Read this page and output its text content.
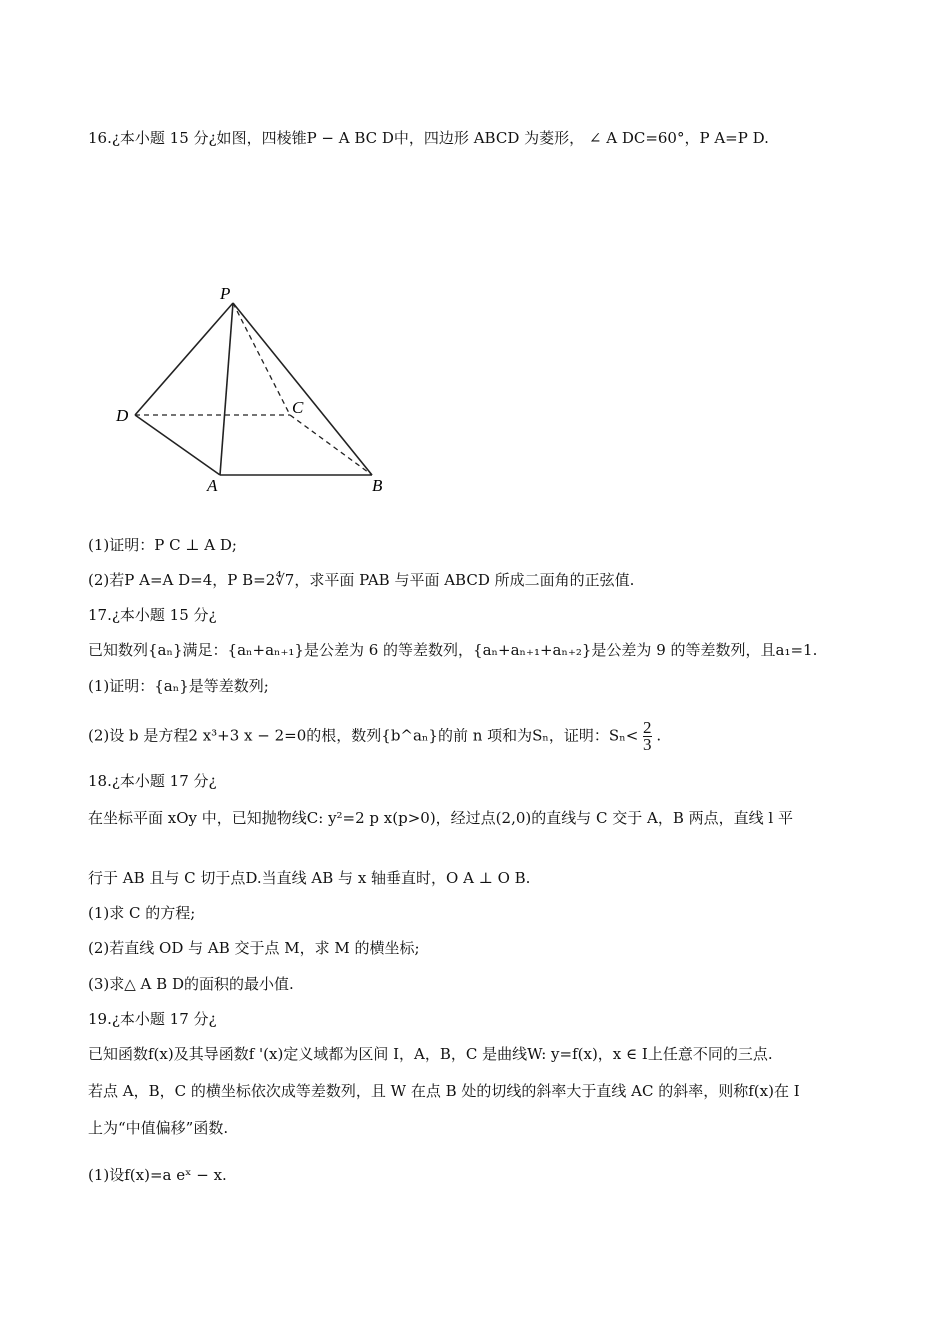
16.¿本小题 15 分¿如图，四棱锥P − A BC D中，四边形 ABCD 为菱形， ∠ A DC=60°，P A=P D.
P
D	C
A	B
(1)证明：P C ⊥ A D;
(2)若P A=A D=4，P B=2∜7，求平面 PAB 与平面 ABCD 所成二面角的正弦值.
17.¿本小题 15 分¿
已知数列{aₙ}满足：{aₙ+aₙ₊₁}是公差为 6 的等差数列，{aₙ+aₙ₊₁+aₙ₊₂}是公差为 9 的等差数列，且a₁=1.
(1)证明：{aₙ}是等差数列;
(2)设 b 是方程2 x³+3 x − 2=0的根，数列{b^aₙ}的前 n 项和为Sₙ，证明：$S_n< \frac{2}{3}$ .
18.¿本小题 17 分¿
在坐标平面 xOy 中，已知抛物线C: y²=2 p x(p>0)，经过点(2,0)的直线与 C 交于 A，B 两点，直线 l 平
行于 AB 且与 C 切于点D.当直线 AB 与 x 轴垂直时，O A ⊥ O B.
(1)求 C 的方程;
(2)若直线 OD 与 AB 交于点 M，求 M 的横坐标;
(3)求△ A B D的面积的最小值.
19.¿本小题 17 分¿
已知函数f(x)及其导函数f '(x)定义域都为区间 I，A，B，C 是曲线W: y=f(x)，x ∈ I上任意不同的三点.
若点 A，B，C 的横坐标依次成等差数列，且 W 在点 B 处的切线的斜率大于直线 AC 的斜率，则称f(x)在 I
上为“中值偏移”函数.
(1)设f(x)=a eˣ − x.
